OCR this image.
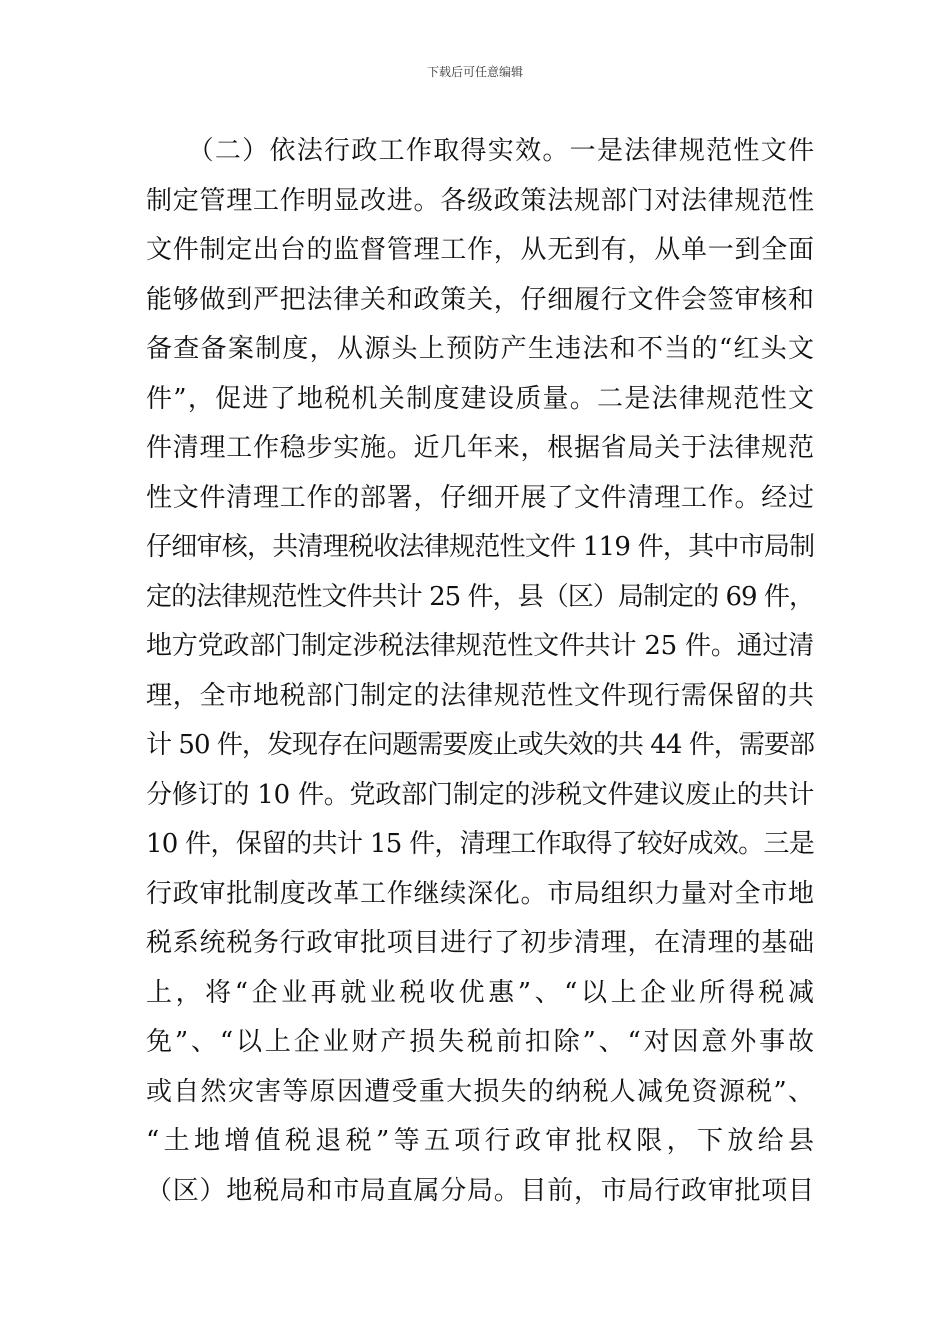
下载后可任意编辑
　　（二）依法行政工作取得实效。一是法律规范性文件
制定管理工作明显改进。各级政策法规部门对法律规范性
文件制定出台的监督管理工作，从无到有，从单一到全面
能够做到严把法律关和政策关，仔细履行文件会签审核和
备查备案制度，从源头上预防产生违法和不当的“红头文
件”，促进了地税机关制度建设质量。二是法律规范性文
件清理工作稳步实施。近几年来，根据省局关于法律规范
性文件清理工作的部署，仔细开展了文件清理工作。经过
仔细审核，共清理税收法律规范性文件 119 件，其中市局制
定的法律规范性文件共计 25 件，县（区）局制定的 69 件，
地方党政部门制定涉税法律规范性文件共计 25 件。通过清
理，全市地税部门制定的法律规范性文件现行需保留的共
计 50 件，发现存在问题需要废止或失效的共 44 件，需要部
分修订的 10 件。党政部门制定的涉税文件建议废止的共计
10 件，保留的共计 15 件，清理工作取得了较好成效。三是
行政审批制度改革工作继续深化。市局组织力量对全市地
税系统税务行政审批项目进行了初步清理，在清理的基础
上，将“企业再就业税收优惠”、“以上企业所得税减
免”、“以上企业财产损失税前扣除”、“对因意外事故
或自然灾害等原因遭受重大损失的纳税人减免资源税”、
“土地增值税退税”等五项行政审批权限，下放给县
（区）地税局和市局直属分局。目前，市局行政审批项目
